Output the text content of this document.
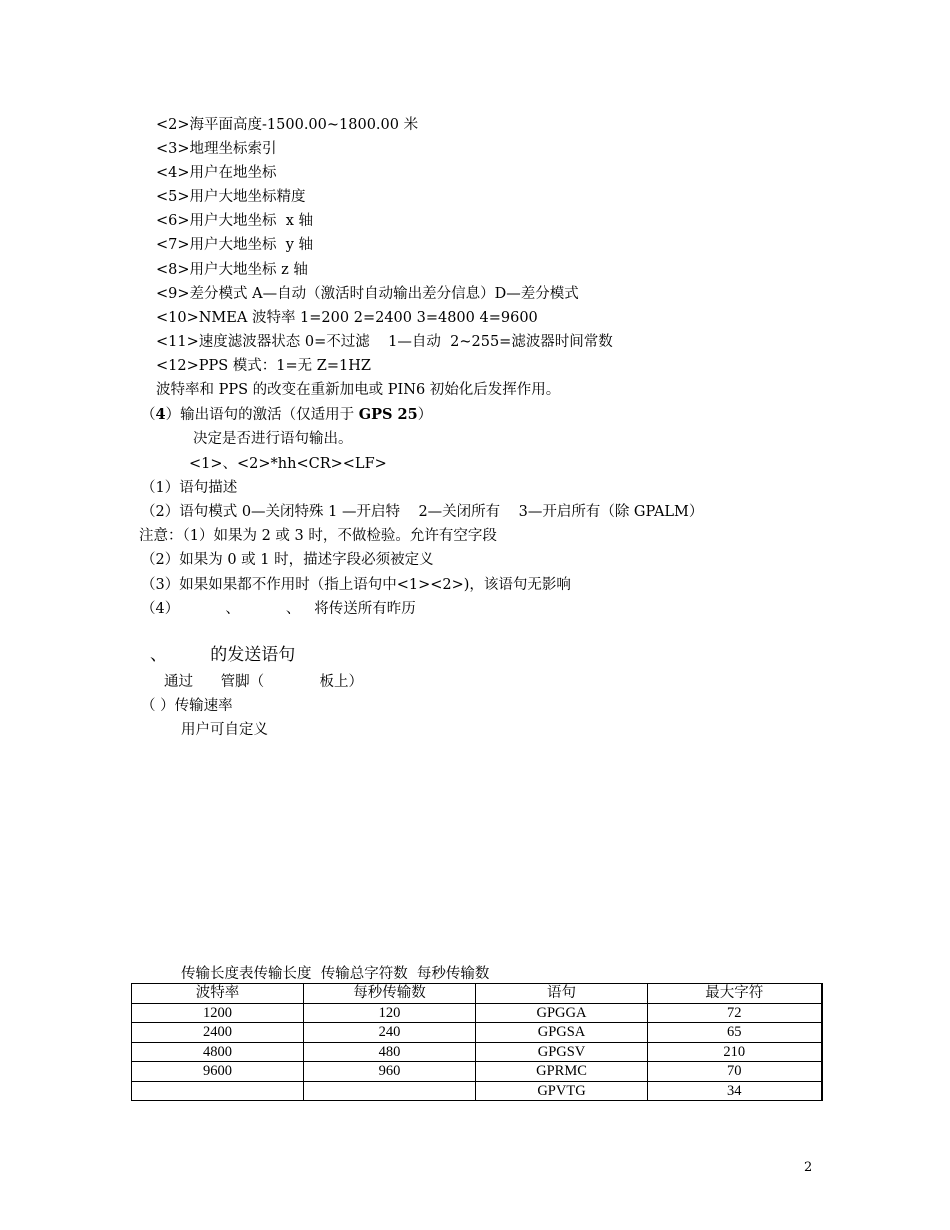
<2>海平面高度-1500.00~1800.00 米
<3>地理坐标索引
<4>用户在地坐标
<5>用户大地坐标精度
<6>用户大地坐标  x 轴
<7>用户大地坐标  y 轴
<8>用户大地坐标 z 轴
<9>差分模式 A—自动（激活时自动输出差分信息）D—差分模式
<10>NMEA 波特率 1=200 2=2400 3=4800 4=9600
<11>速度滤波器状态 0=不过滤    1—自动  2~255=滤波器时间常数
<12>PPS 模式：1=无 Z=1HZ
波特率和 PPS 的改变在重新加电或 PIN6 初始化后发挥作用。
决定是否进行语句输出。
<1>、<2>*hh<CR><LF>
（1）语句描述
（2）语句模式 0—关闭特殊 1 —开启特    2—关闭所有    3—开启所有（除 GPALM）
注意：（1）如果为 2 或 3 时，不做检验。允许有空字段
（2）如果为 0 或 1 时，描述字段必须被定义
（3）如果如果都不作用时（指上语句中<1><2>)，该语句无影响
（4）          、          、   将传送所有昨历
通过      管脚（            板上）
（ ）传输速率
用户可自定义
（4）输出语句的激活（仅适用于 GPS 25）
、        的发送语句
传输长度表传输长度  传输总字符数  每秒传输数
波特率	每秒传输数	语句	最大字符
1200	120	GPGGA	72
2400	240	GPGSA	65
4800	480	GPGSV	210
9600	960	GPRMC	70
		GPVTG	34
2
